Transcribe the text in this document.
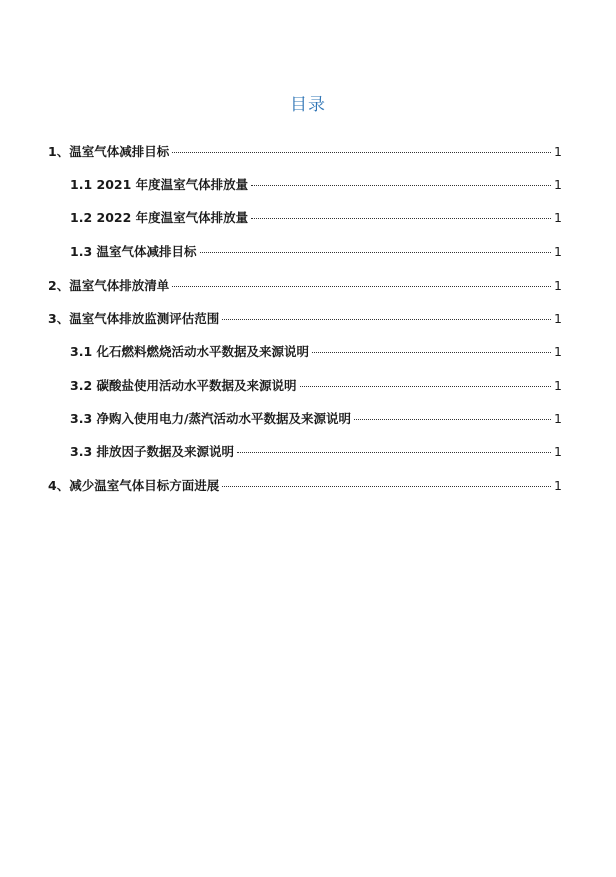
目录
1、温室气体减排目标	1
1.1 2021 年度温室气体排放量	1
1.2 2022 年度温室气体排放量	1
1.3 温室气体减排目标	1
2、温室气体排放清单	1
3、温室气体排放监测评估范围	1
3.1 化石燃料燃烧活动水平数据及来源说明	1
3.2 碳酸盐使用活动水平数据及来源说明	1
3.3 净购入使用电力/蒸汽活动水平数据及来源说明	1
3.3 排放因子数据及来源说明	1
4、减少温室气体目标方面进展	1
